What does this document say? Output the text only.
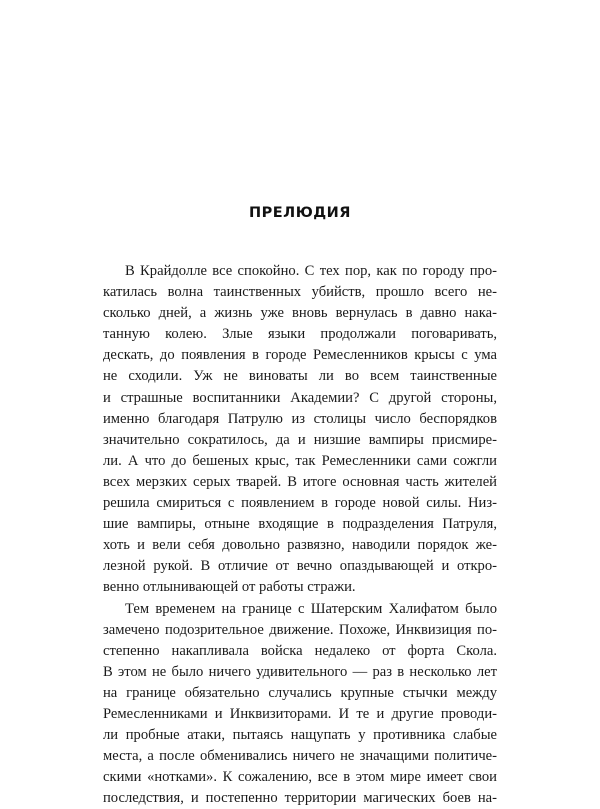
ПРЕЛЮДИЯ
В Крайдолле все спокойно. С тех пор, как по городу про-
катилась волна таинственных убийств, прошло всего не-
сколько дней, а жизнь уже вновь вернулась в давно нака-
танную колею. Злые языки продолжали поговаривать,
дескать, до появления в городе Ремесленников крысы с ума
не сходили. Уж не виноваты ли во всем таинственные
и страшные воспитанники Академии? С другой стороны,
именно благодаря Патрулю из столицы число беспорядков
значительно сократилось, да и низшие вампиры присмире-
ли. А что до бешеных крыс, так Ремесленники сами сожгли
всех мерзких серых тварей. В итоге основная часть жителей
решила смириться с появлением в городе новой силы. Низ-
шие вампиры, отныне входящие в подразделения Патруля,
хоть и вели себя довольно развязно, наводили порядок же-
лезной рукой. В отличие от вечно опаздывающей и откро-
венно отлынивающей от работы стражи.
Тем временем на границе с Шатерским Халифатом было
замечено подозрительное движение. Похоже, Инквизиция по-
степенно накапливала войска недалеко от форта Скола.
В этом не было ничего удивительного — раз в несколько лет
на границе обязательно случались крупные стычки между
Ремесленниками и Инквизиторами. И те и другие проводи-
ли пробные атаки, пытаясь нащупать у противника слабые
места, а после обменивались ничего не значащими политиче-
скими «нотками». К сожалению, все в этом мире имеет свои
последствия, и постепенно территории магических боев на-
